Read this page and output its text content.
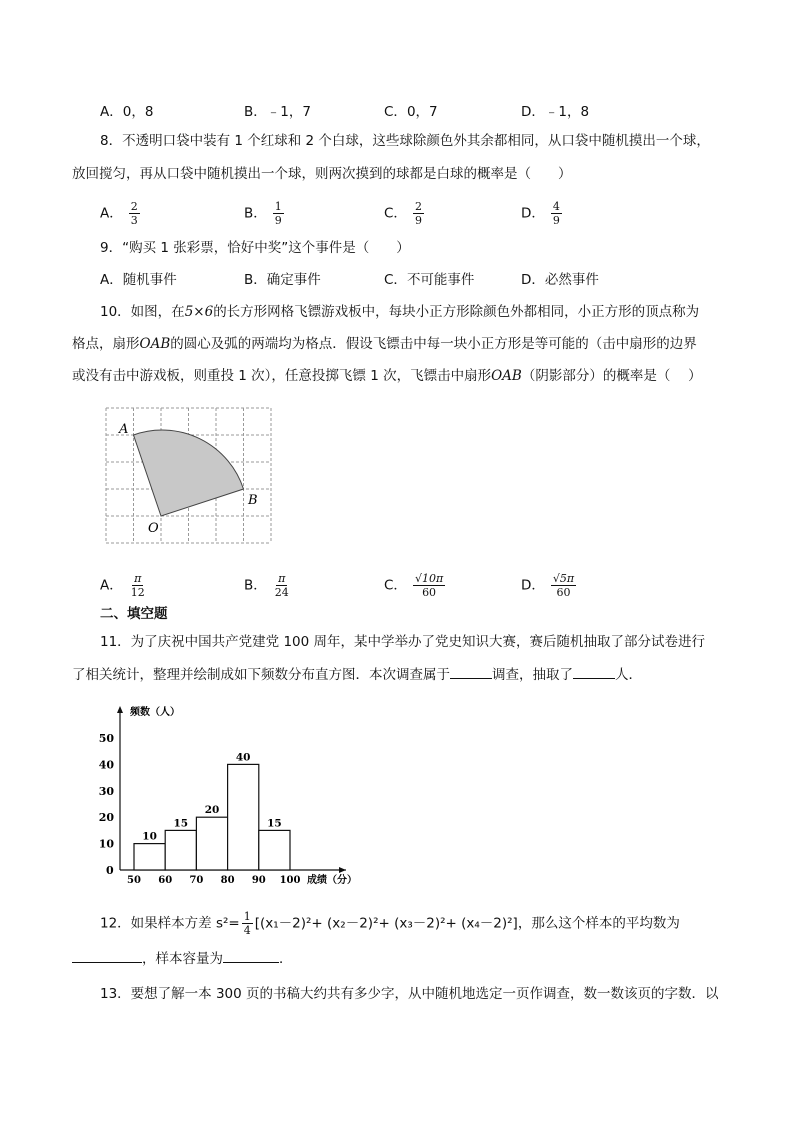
A．0，8	B．﹣1，7	C．0，7	D．﹣1，8
8．不透明口袋中装有 1 个红球和 2 个白球，这些球除颜色外其余都相同，从口袋中随机摸出一个球，
放回搅匀，再从口袋中随机摸出一个球，则两次摸到的球都是白球的概率是（　　）
A． $\frac{2}{3}$	B． $\frac{1}{9}$	C． $\frac{2}{9}$	D． $\frac{4}{9}$
9．“购买 1 张彩票，恰好中奖”这个事件是（　　）
A．随机事件	B．确定事件	C．不可能事件	D．必然事件
10．如图，在5×6的长方形网格飞镖游戏板中，每块小正方形除颜色外都相同，小正方形的顶点称为
格点，扇形OAB的圆心及弧的两端均为格点．假设飞镖击中每一块小正方形是等可能的（击中扇形的边界
或没有击中游戏板，则重投 1 次），任意投掷飞镖 1 次，飞镖击中扇形OAB（阴影部分）的概率是（　 ）
A
B
O
A． $\frac{\pi}{12}$	B． $\frac{\pi}{24}$	C． $\frac{√10\pi}{60}$	D． $\frac{√5\pi}{60}$
二、填空题
11．为了庆祝中国共产党建党 100 周年，某中学举办了党史知识大赛，赛后随机抽取了部分试卷进行
了相关统计，整理并绘制成如下频数分布直方图．本次调查属于	调查，抽取了	人．
频数（人）
成绩（分）
0
10
20
30
40
50
50 60 70 80 90 100
10
15
20
40
15
12．如果样本方差 $s^2= \frac{1}{4} [(x_1-2)^2+ (x_2-2)^2+ (x_3-2)^2+ (x_4-2)^2]$，那么这个样本的平均数为
，样本容量为	．
13．要想了解一本 300 页的书稿大约共有多少字，从中随机地选定一页作调查，数一数该页的字数．以
